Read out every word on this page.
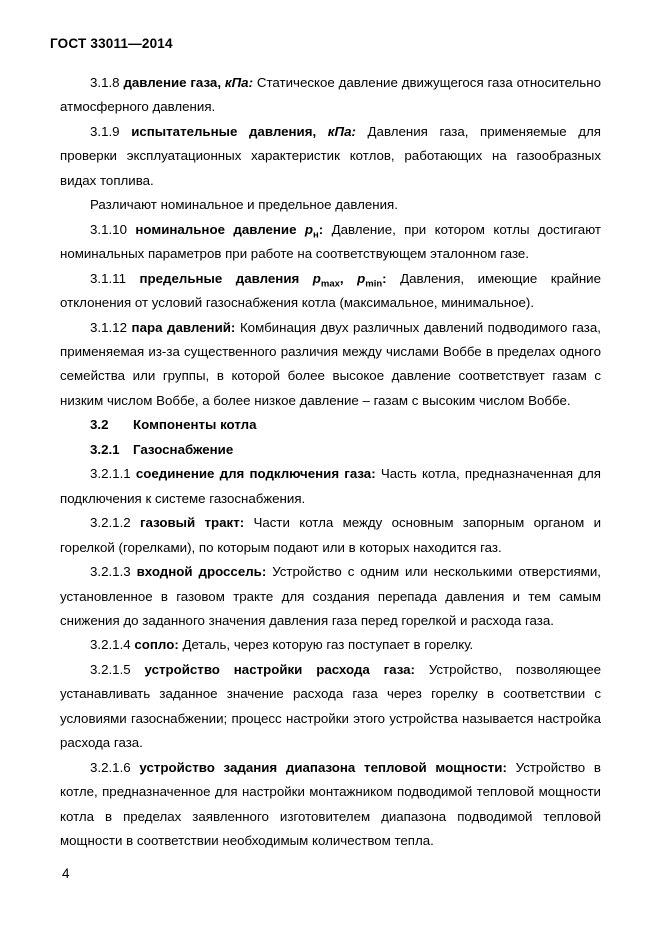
ГОСТ 33011—2014

3.1.8 давление газа, кПа: Статическое давление движущегося газа относительно атмосферного давления.

3.1.9 испытательные давления, кПа: Давления газа, применяемые для проверки эксплуатационных характеристик котлов, работающих на газообразных видах топлива.

Различают номинальное и предельное давления.

3.1.10 номинальное давление $p_н$: Давление, при котором котлы достигают номинальных параметров при работе на соответствующем эталонном газе.

3.1.11 предельные давления $p_{max}$, $p_{min}$: Давления, имеющие крайние отклонения от условий газоснабжения котла (максимальное, минимальное).

3.1.12 пара давлений: Комбинация двух различных давлений подводимого газа, применяемая из-за существенного различия между числами Воббе в пределах одного семейства или группы, в которой более высокое давление соответствует газам с низким числом Воббе, а более низкое давление – газам с высоким числом Воббе.

3.2 Компоненты котла

3.2.1 Газоснабжение

3.2.1.1 соединение для подключения газа: Часть котла, предназначенная для подключения к системе газоснабжения.

3.2.1.2 газовый тракт: Части котла между основным запорным органом и горелкой (горелками), по которым подают или в которых находится газ.

3.2.1.3 входной дроссель: Устройство с одним или несколькими отверстиями, установленное в газовом тракте для создания перепада давления и тем самым снижения до заданного значения давления газа перед горелкой и расхода газа.

3.2.1.4 сопло: Деталь, через которую газ поступает в горелку.

3.2.1.5 устройство настройки расхода газа: Устройство, позволяющее устанавливать заданное значение расхода газа через горелку в соответствии с условиями газоснабжении; процесс настройки этого устройства называется настройка расхода газа.

3.2.1.6 устройство задания диапазона тепловой мощности: Устройство в котле, предназначенное для настройки монтажником подводимой тепловой мощности котла в пределах заявленного изготовителем диапазона подводимой тепловой мощности в соответствии необходимым количеством тепла.

4
